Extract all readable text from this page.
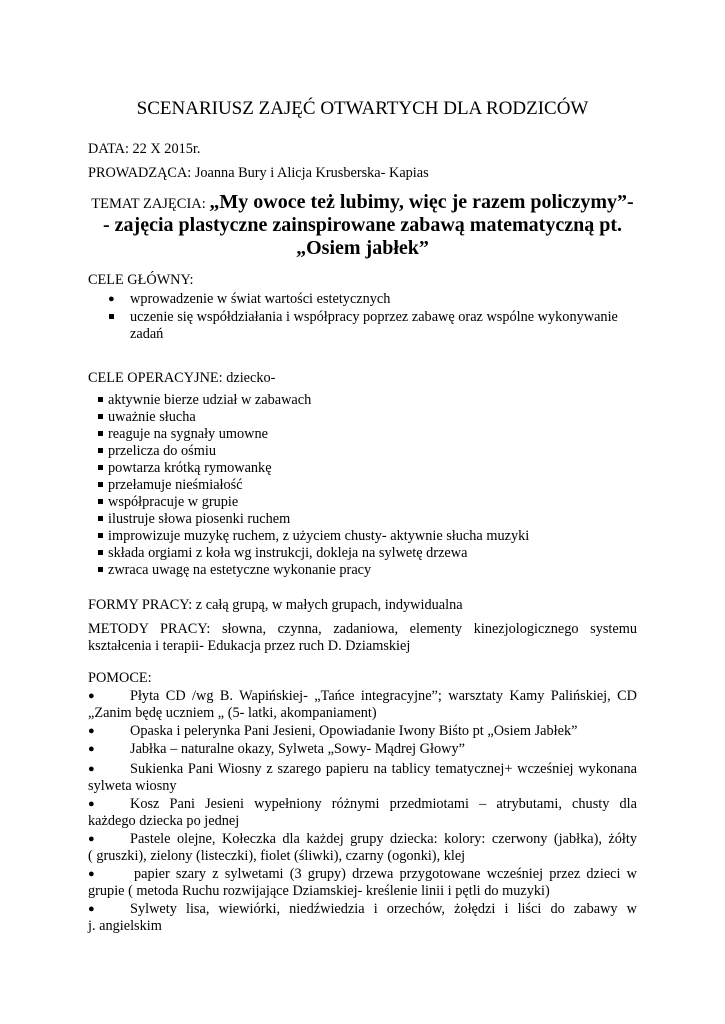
SCENARIUSZ ZAJĘĆ OTWARTYCH DLA RODZICÓW
DATA: 22 X 2015r.
PROWADZĄCA: Joanna Bury i Alicja Krusberska- Kapias
TEMAT ZAJĘCIA: „My owoce też lubimy, więc je razem policzymy”-
- zajęcia plastyczne zainspirowane zabawą matematyczną pt.
„Osiem jabłek”
CELE GŁÓWNY:
● wprowadzenie w świat wartości estetycznych
uczenie się współdziałania i współpracy poprzez zabawę oraz wspólne wykonywanie
zadań
CELE OPERACYJNE: dziecko-
aktywnie bierze udział w zabawach
uważnie słucha
reaguje na sygnały umowne
przelicza do ośmiu
powtarza krótką rymowankę
przełamuje nieśmiałość
współpracuje w grupie
ilustruje słowa piosenki ruchem
improwizuje muzykę ruchem, z użyciem chusty- aktywnie słucha muzyki
składa orgiami z koła wg instrukcji, dokleja na sylwetę drzewa
zwraca uwagę na estetyczne wykonanie pracy
FORMY PRACY: z całą grupą, w małych grupach, indywidualna
METODY PRACY: słowna, czynna, zadaniowa, elementy kinezjologicznego systemu
kształcenia i terapii- Edukacja przez ruch D. Dziamskiej
POMOCE:
● Płyta CD /wg B. Wapińskiej- „Tańce integracyjne”; warsztaty Kamy Palińskiej, CD
„Zanim będę uczniem „ (5- latki, akompaniament)
● Opaska i pelerynka Pani Jesieni, Opowiadanie Iwony Biśto pt „Osiem Jabłek”
● Jabłka – naturalne okazy, Sylweta „Sowy- Mądrej Głowy”
● Sukienka Pani Wiosny z szarego papieru na tablicy tematycznej+ wcześniej wykonana
sylweta wiosny
● Kosz Pani Jesieni wypełniony różnymi przedmiotami – atrybutami, chusty dla
każdego dziecka po jednej
● Pastele olejne, Kołeczka dla każdej grupy dziecka: kolory: czerwony (jabłka), żółty
( gruszki), zielony (listeczki), fiolet (śliwki), czarny (ogonki), klej
●	papier szary z sylwetami (3 grupy) drzewa przygotowane wcześniej przez dzieci w
grupie ( metoda Ruchu rozwijające Dziamskiej- kreślenie linii i pętli do muzyki)
● Sylwety lisa, wiewiórki, niedźwiedzia i orzechów, żołędzi i liści do zabawy w
j. angielskim
